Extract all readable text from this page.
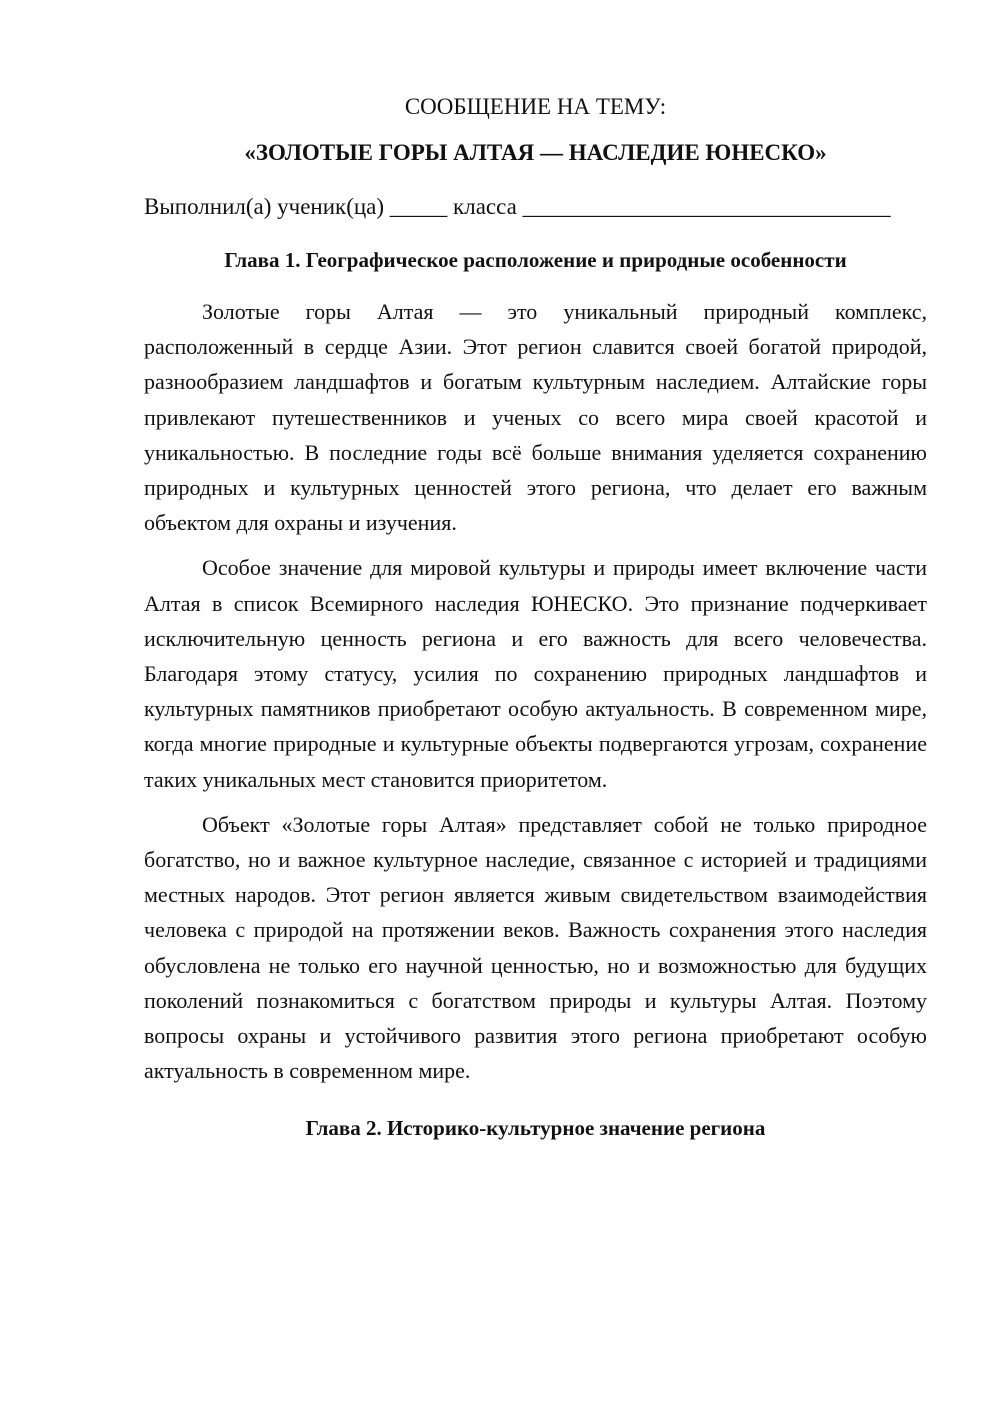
СООБЩЕНИЕ НА ТЕМУ:
«ЗОЛОТЫЕ ГОРЫ АЛТАЯ — НАСЛЕДИЕ ЮНЕСКО»
Выполнил(а) ученик(ца) _____ класса ________________________________
Глава 1. Географическое расположение и природные особенности

Золотые горы Алтая — это уникальный природный комплекс, расположенный в сердце Азии. Этот регион славится своей богатой природой, разнообразием ландшафтов и богатым культурным наследием. Алтайские горы привлекают путешественников и ученых со всего мира своей красотой и уникальностью. В последние годы всё больше внимания уделяется сохранению природных и культурных ценностей этого региона, что делает его важным объектом для охраны и изучения.

Особое значение для мировой культуры и природы имеет включение части Алтая в список Всемирного наследия ЮНЕСКО. Это признание подчеркивает исключительную ценность региона и его важность для всего человечества. Благодаря этому статусу, усилия по сохранению природных ландшафтов и культурных памятников приобретают особую актуальность. В современном мире, когда многие природные и культурные объекты подвергаются угрозам, сохранение таких уникальных мест становится приоритетом.

Объект «Золотые горы Алтая» представляет собой не только природное богатство, но и важное культурное наследие, связанное с историей и традициями местных народов. Этот регион является живым свидетельством взаимодействия человека с природой на протяжении веков. Важность сохранения этого наследия обусловлена не только его научной ценностью, но и возможностью для будущих поколений познакомиться с богатством природы и культуры Алтая. Поэтому вопросы охраны и устойчивого развития этого региона приобретают особую актуальность в современном мире.

Глава 2. Историко-культурное значение региона
